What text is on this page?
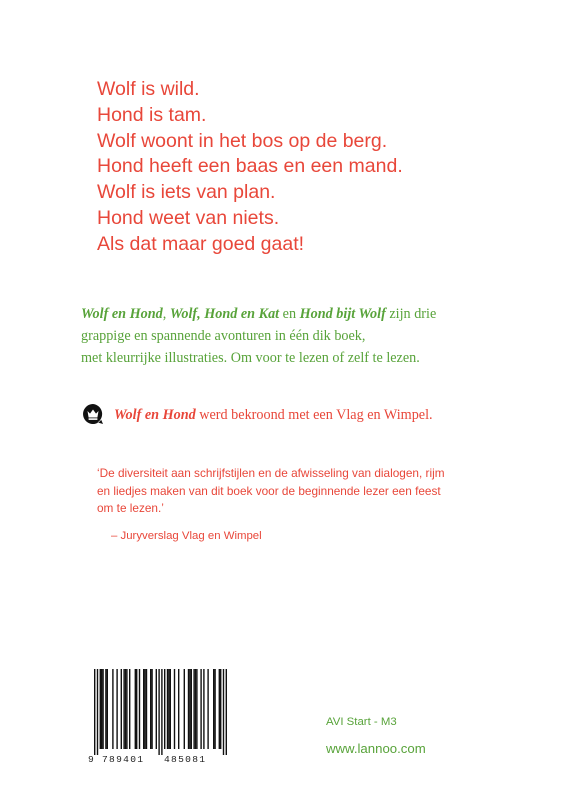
Wolf is wild.
Hond is tam.
Wolf woont in het bos op de berg.
Hond heeft een baas en een mand.
Wolf is iets van plan.
Hond weet van niets.
Als dat maar goed gaat!
Wolf en Hond, Wolf, Hond en Kat en Hond bijt Wolf zijn drie
grappige en spannende avonturen in één dik boek,
met kleurrijke illustraties. Om voor te lezen of zelf te lezen.
Wolf en Hond werd bekroond met een Vlag en Wimpel.
‘De diversiteit aan schrijfstijlen en de afwisseling van dialogen, rijm
en liedjes maken van dit boek voor de beginnende lezer een feest
om te lezen.’
– Juryverslag Vlag en Wimpel
9 789401 485081
AVI Start - M3
www.lannoo.com
